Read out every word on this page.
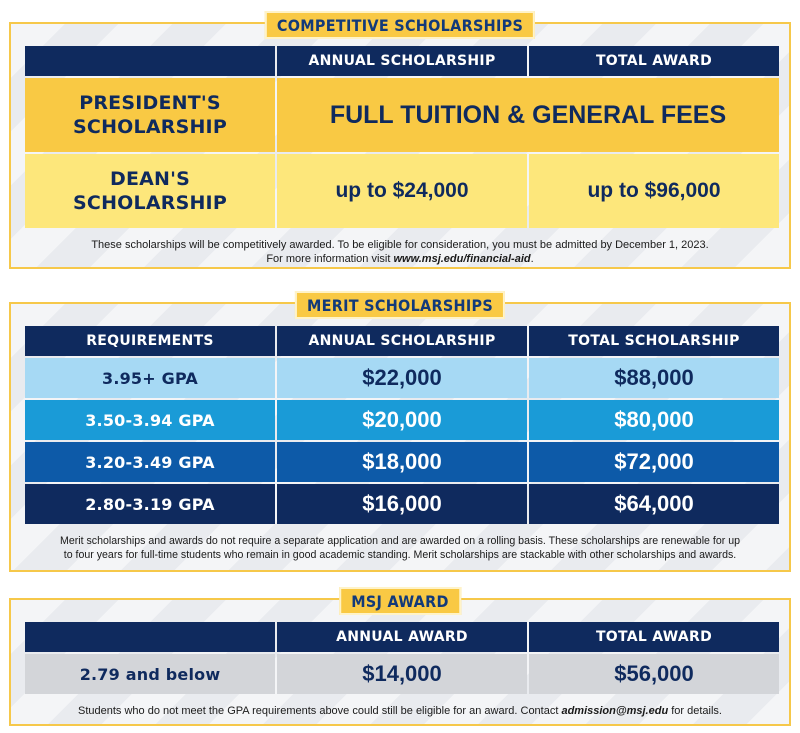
COMPETITIVE SCHOLARSHIPS
	ANNUAL SCHOLARSHIP	TOTAL AWARD

PRESIDENT'S
SCHOLARSHIP	FULL TUITION & GENERAL FEES	

DEAN'S
SCHOLARSHIP	up to $24,000	up to $96,000
These scholarships will be competitively awarded. To be eligible for consideration, you must be admitted by December 1, 2023.
For more information visit www.msj.edu/financial-aid.
MERIT SCHOLARSHIPS
REQUIREMENTS	ANNUAL SCHOLARSHIP	TOTAL SCHOLARSHIP
3.95+ GPA	$22,000	$88,000
3.50-3.94 GPA	$20,000	$80,000
3.20-3.49 GPA	$18,000	$72,000
2.80-3.19 GPA	$16,000	$64,000
Merit scholarships and awards do not require a separate application and are awarded on a rolling basis. These scholarships are renewable for up
to four years for full-time students who remain in good academic standing. Merit scholarships are stackable with other scholarships and awards.
MSJ AWARD
	ANNUAL AWARD	TOTAL AWARD
2.79 and below	$14,000	$56,000
Students who do not meet the GPA requirements above could still be eligible for an award. Contact admission@msj.edu for details.
